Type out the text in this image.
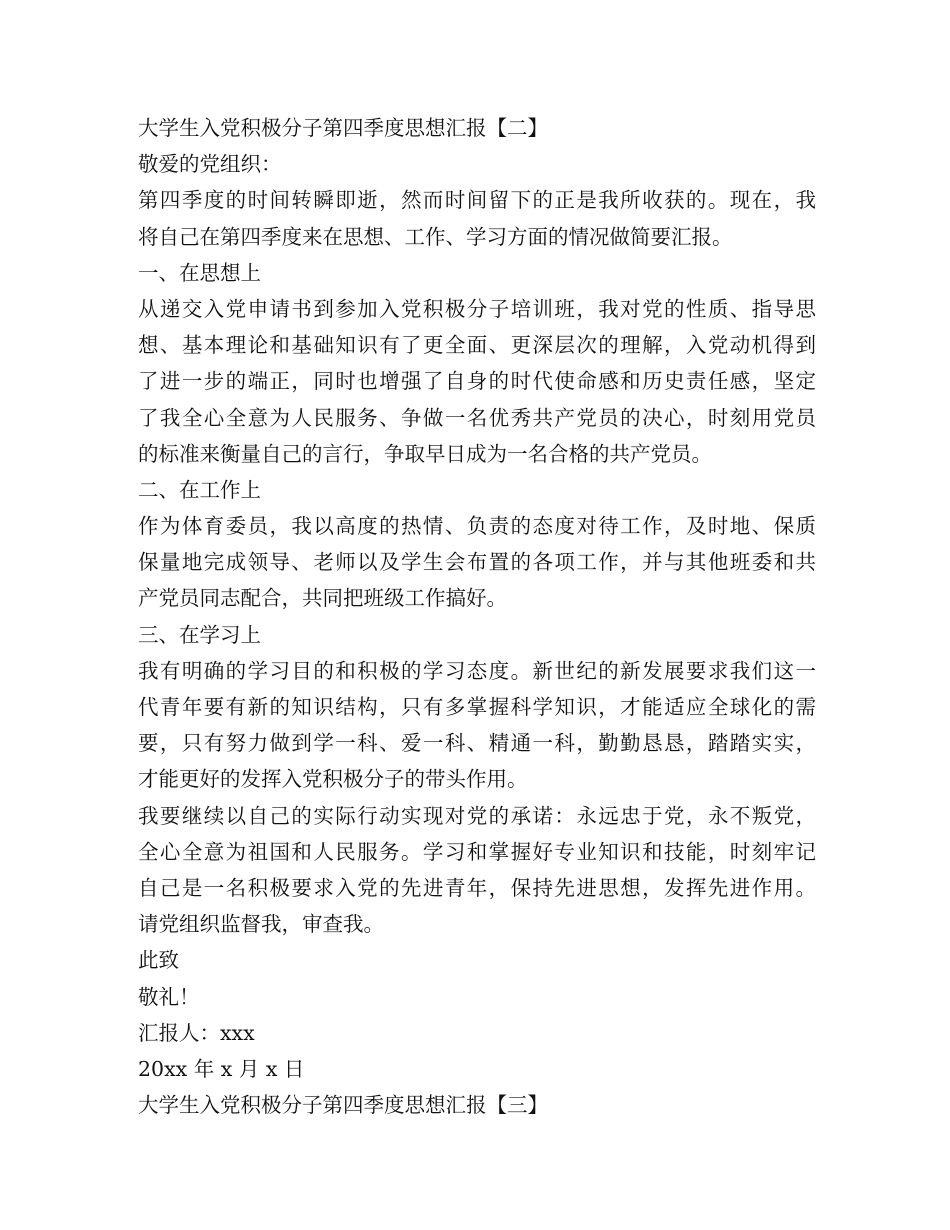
大学生入党积极分子第四季度思想汇报【二】
敬爱的党组织：
第四季度的时间转瞬即逝，然而时间留下的正是我所收获的。现在，我
将自己在第四季度来在思想、工作、学习方面的情况做简要汇报。
一、在思想上
从递交入党申请书到参加入党积极分子培训班，我对党的性质、指导思
想、基本理论和基础知识有了更全面、更深层次的理解，入党动机得到
了进一步的端正，同时也增强了自身的时代使命感和历史责任感，坚定
了我全心全意为人民服务、争做一名优秀共产党员的决心，时刻用党员
的标准来衡量自己的言行，争取早日成为一名合格的共产党员。
二、在工作上
作为体育委员，我以高度的热情、负责的态度对待工作，及时地、保质
保量地完成领导、老师以及学生会布置的各项工作，并与其他班委和共
产党员同志配合，共同把班级工作搞好。
三、在学习上
我有明确的学习目的和积极的学习态度。新世纪的新发展要求我们这一
代青年要有新的知识结构，只有多掌握科学知识，才能适应全球化的需
要，只有努力做到学一科、爱一科、精通一科，勤勤恳恳，踏踏实实，
才能更好的发挥入党积极分子的带头作用。
我要继续以自己的实际行动实现对党的承诺：永远忠于党，永不叛党，
全心全意为祖国和人民服务。学习和掌握好专业知识和技能，时刻牢记
自己是一名积极要求入党的先进青年，保持先进思想，发挥先进作用。
请党组织监督我，审查我。
此致
敬礼！
汇报人：xxx
20xx 年 x 月 x 日
大学生入党积极分子第四季度思想汇报【三】
